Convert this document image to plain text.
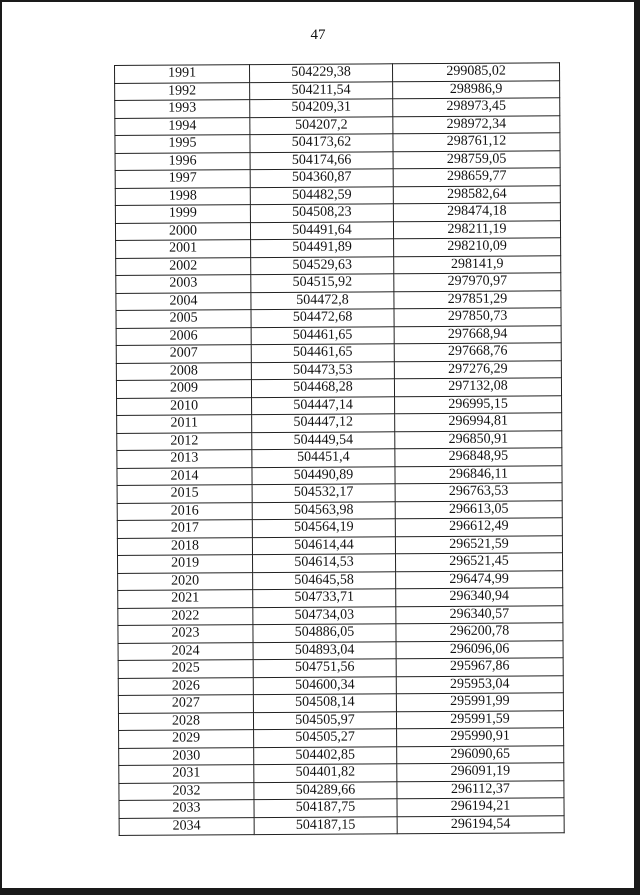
47
1991	504229,38	299085,02
1992	504211,54	298986,9
1993	504209,31	298973,45
1994	504207,2	298972,34
1995	504173,62	298761,12
1996	504174,66	298759,05
1997	504360,87	298659,77
1998	504482,59	298582,64
1999	504508,23	298474,18
2000	504491,64	298211,19
2001	504491,89	298210,09
2002	504529,63	298141,9
2003	504515,92	297970,97
2004	504472,8	297851,29
2005	504472,68	297850,73
2006	504461,65	297668,94
2007	504461,65	297668,76
2008	504473,53	297276,29
2009	504468,28	297132,08
2010	504447,14	296995,15
2011	504447,12	296994,81
2012	504449,54	296850,91
2013	504451,4	296848,95
2014	504490,89	296846,11
2015	504532,17	296763,53
2016	504563,98	296613,05
2017	504564,19	296612,49
2018	504614,44	296521,59
2019	504614,53	296521,45
2020	504645,58	296474,99
2021	504733,71	296340,94
2022	504734,03	296340,57
2023	504886,05	296200,78
2024	504893,04	296096,06
2025	504751,56	295967,86
2026	504600,34	295953,04
2027	504508,14	295991,99
2028	504505,97	295991,59
2029	504505,27	295990,91
2030	504402,85	296090,65
2031	504401,82	296091,19
2032	504289,66	296112,37
2033	504187,75	296194,21
2034	504187,15	296194,54
